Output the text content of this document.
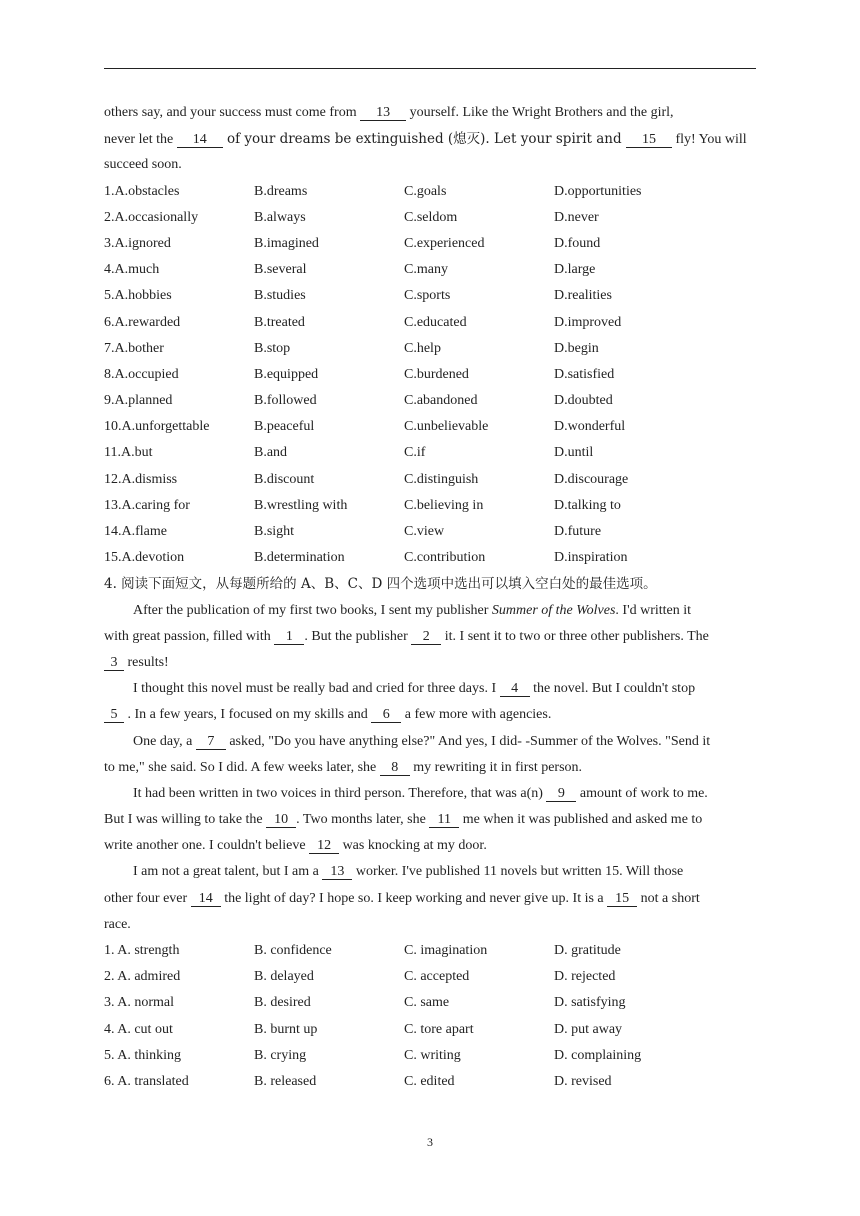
others say, and your success must come from 13 yourself. Like the Wright Brothers and the girl,
never let the 14 of your dreams be extinguished (熄灭). Let your spirit and 15 fly! You will
succeed soon.
1.A.obstacles	B.dreams	C.goals	D.opportunities
2.A.occasionally	B.always	C.seldom	D.never
3.A.ignored	B.imagined	C.experienced	D.found
4.A.much	B.several	C.many	D.large
5.A.hobbies	B.studies	C.sports	D.realities
6.A.rewarded	B.treated	C.educated	D.improved
7.A.bother	B.stop	C.help	D.begin
8.A.occupied	B.equipped	C.burdened	D.satisfied
9.A.planned	B.followed	C.abandoned	D.doubted
10.A.unforgettable	B.peaceful	C.unbelievable	D.wonderful
11.A.but	B.and	C.if	D.until
12.A.dismiss	B.discount	C.distinguish	D.discourage
13.A.caring for	B.wrestling with	C.believing in	D.talking to
14.A.flame	B.sight	C.view	D.future
15.A.devotion	B.determination	C.contribution	D.inspiration
4. 阅读下面短文，从每题所给的 A、B、C、D 四个选项中选出可以填入空白处的最佳选项。
After the publication of my first two books, I sent my publisher Summer of the Wolves. I'd written it
with great passion, filled with 1 . But the publisher 2 it. I sent it to two or three other publishers. The
3 results!
I thought this novel must be really bad and cried for three days. I 4 the novel. But I couldn't stop
5 . In a few years, I focused on my skills and 6 a few more with agencies.
One day, a 7 asked, "Do you have anything else?" And yes, I did- -Summer of the Wolves. "Send it
to me," she said. So I did. A few weeks later, she 8 my rewriting it in first person.
It had been written in two voices in third person. Therefore, that was a(n) 9 amount of work to me.
But I was willing to take the 10 . Two months later, she 11 me when it was published and asked me to
write another one. I couldn't believe 12 was knocking at my door.
I am not a great talent, but I am a 13 worker. I've published 11 novels but written 15. Will those
other four ever 14 the light of day? I hope so. I keep working and never give up. It is a 15 not a short
race.
1. A. strength	B. confidence	C. imagination	D. gratitude
2. A. admired	B. delayed	C. accepted	D. rejected
3. A. normal	B. desired	C. same	D. satisfying
4. A. cut out	B. burnt up	C. tore apart	D. put away
5. A. thinking	B. crying	C. writing	D. complaining
6. A. translated	B. released	C. edited	D. revised
3
